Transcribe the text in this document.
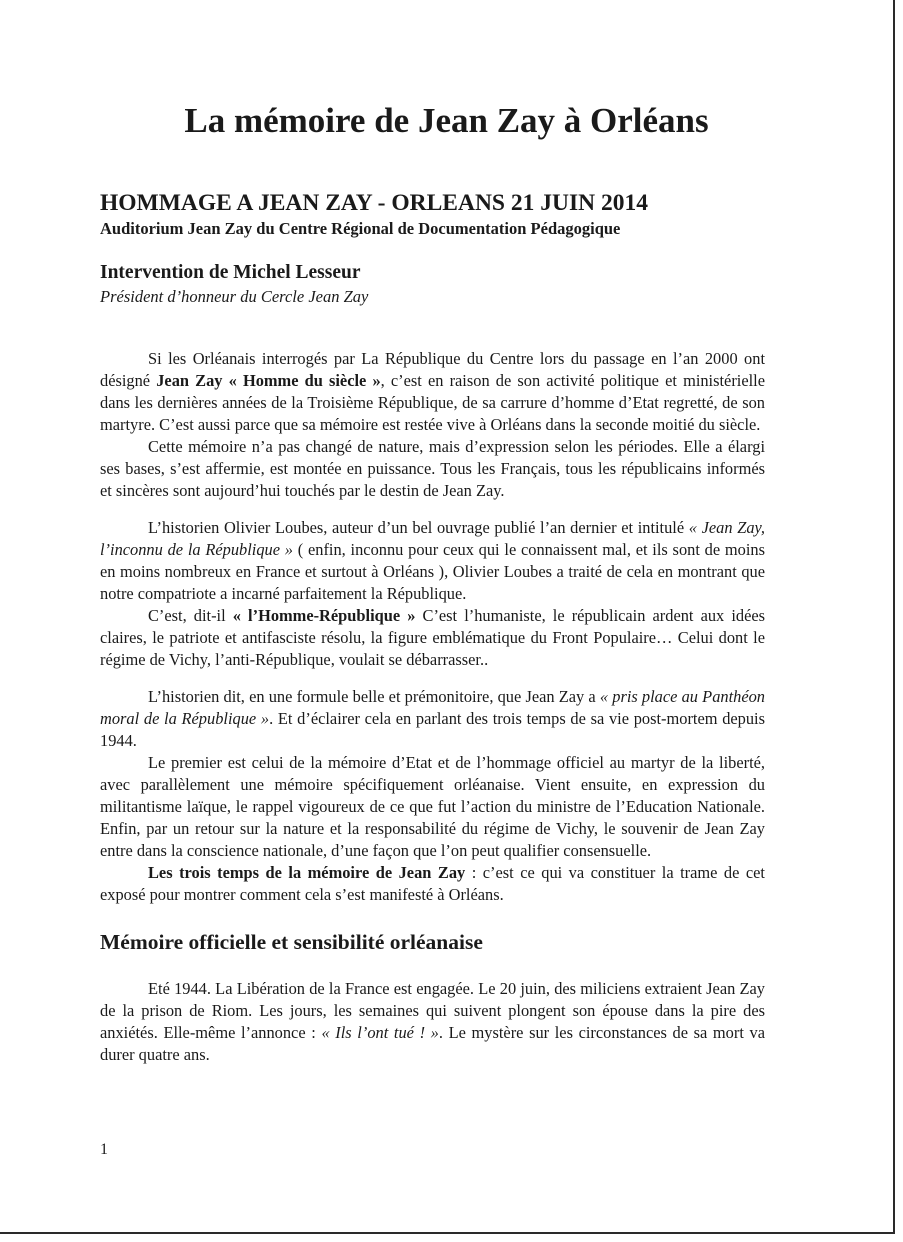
La mémoire de Jean Zay à Orléans
HOMMAGE A JEAN ZAY - ORLEANS 21 JUIN 2014
Auditorium Jean Zay du Centre Régional de Documentation Pédagogique
Intervention de Michel Lesseur
Président d’honneur du Cercle Jean Zay

Si les Orléanais interrogés par La République du Centre lors du passage en l’an 2000 ont désigné Jean Zay « Homme du siècle », c’est en raison de son activité politique et ministérielle dans les dernières années de la Troisième République, de sa carrure d’homme d’Etat regretté, de son martyre. C’est aussi parce que sa mémoire est restée vive à Orléans dans la seconde moitié du siècle.

Cette mémoire n’a pas changé de nature, mais d’expression selon les périodes. Elle a élargi ses bases, s’est affermie, est montée en puissance. Tous les Français, tous les républicains informés et sincères sont aujourd’hui touchés par le destin de Jean Zay.

L’historien Olivier Loubes, auteur d’un bel ouvrage publié l’an dernier et intitulé « Jean Zay, l’inconnu de la République » ( enfin, inconnu pour ceux qui le connaissent mal, et ils sont de moins en moins nombreux en France et surtout à Orléans ), Olivier Loubes a traité de cela en montrant que notre compatriote a incarné parfaitement la République.

C’est, dit-il « l’Homme-République » C’est l’humaniste, le républicain ardent aux idées claires, le patriote et antifasciste résolu, la figure emblématique du Front Populaire… Celui dont le régime de Vichy, l’anti-République, voulait se débarrasser..

L’historien dit, en une formule belle et prémonitoire, que Jean Zay a « pris place au Panthéon moral de la République ». Et d’éclairer cela en parlant des trois temps de sa vie post-mortem depuis 1944.

Le premier est celui de la mémoire d’Etat et de l’hommage officiel au martyr de la liberté, avec parallèlement une mémoire spécifiquement orléanaise. Vient ensuite, en expression du militantisme laïque, le rappel vigoureux de ce que fut l’action du ministre de l’Education Nationale. Enfin, par un retour sur la nature et la responsabilité du régime de Vichy, le souvenir de Jean Zay entre dans la conscience nationale, d’une façon que l’on peut qualifier consensuelle.

Les trois temps de la mémoire de Jean Zay : c’est ce qui va constituer la trame de cet exposé pour montrer comment cela s’est manifesté à Orléans.

Mémoire officielle et sensibilité orléanaise

Eté 1944. La Libération de la France est engagée. Le 20 juin, des miliciens extraient Jean Zay de la prison de Riom. Les jours, les semaines qui suivent plongent son épouse dans la pire des anxiétés. Elle-même l’annonce : « Ils l’ont tué ! ». Le mystère sur les circonstances de sa mort va durer quatre ans.

1
